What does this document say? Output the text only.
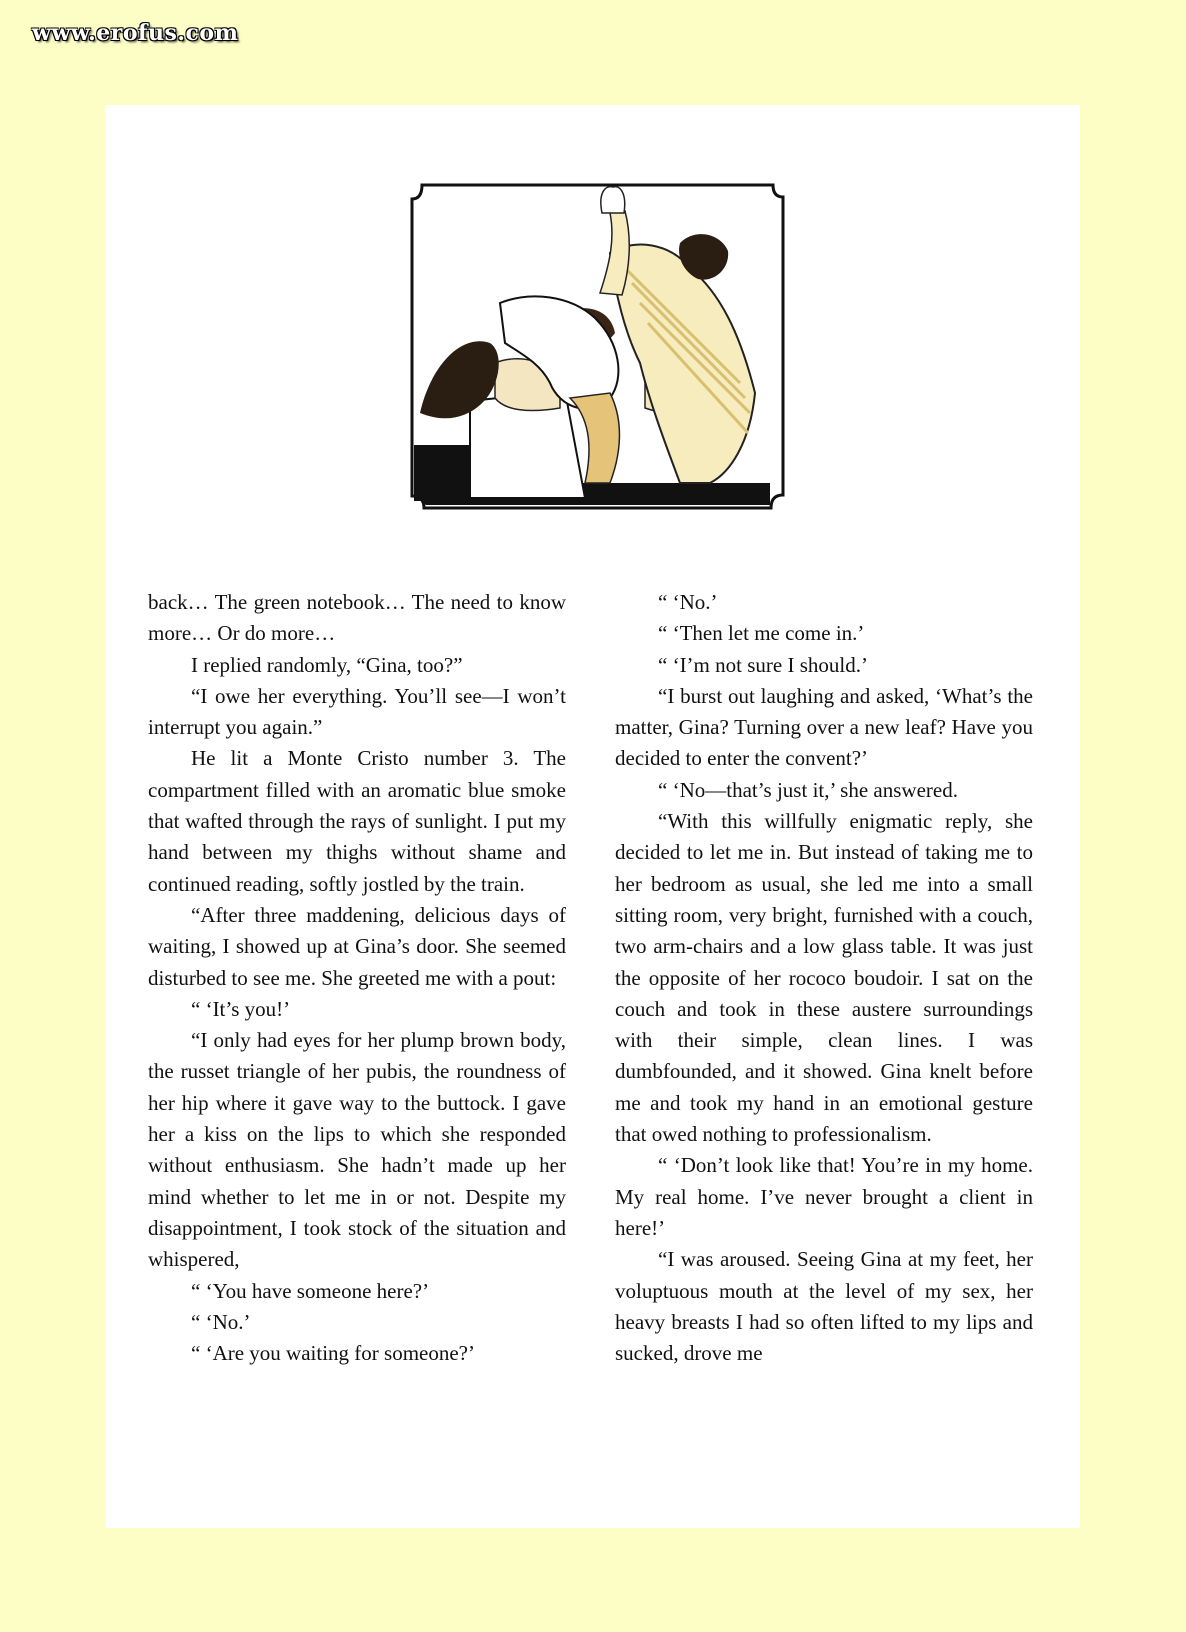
www.erofus.com

back… The green notebook… The need to know more… Or do more…

I replied randomly, “Gina, too?”

“I owe her everything. You’ll see—I won’t interrupt you again.”

He lit a Monte Cristo number 3. The compartment filled with an aromatic blue smoke that wafted through the rays of sunlight. I put my hand between my thighs without shame and continued reading, softly jostled by the train.

“After three maddening, delicious days of waiting, I showed up at Gina’s door. She seemed disturbed to see me. She greeted me with a pout:

“ ‘It’s you!’

“I only had eyes for her plump brown body, the russet triangle of her pubis, the roundness of her hip where it gave way to the buttock. I gave her a kiss on the lips to which she responded without enthusiasm. She hadn’t made up her mind whether to let me in or not. Despite my disappointment, I took stock of the situation and whispered,

“ ‘You have someone here?’

“ ‘No.’

“ ‘Are you waiting for someone?’

“ ‘No.’

“ ‘Then let me come in.’

“ ‘I’m not sure I should.’

“I burst out laughing and asked, ‘What’s the matter, Gina? Turning over a new leaf? Have you decided to enter the convent?’

“ ‘No—that’s just it,’ she answered.

“With this willfully enigmatic reply, she decided to let me in. But instead of taking me to her bedroom as usual, she led me into a small sitting room, very bright, furnished with a couch, two arm-chairs and a low glass table. It was just the opposite of her rococo boudoir. I sat on the couch and took in these austere surroundings with their simple, clean lines. I was dumbfounded, and it showed. Gina knelt before me and took my hand in an emotional gesture that owed nothing to professionalism.

“ ‘Don’t look like that! You’re in my home. My real home. I’ve never brought a client in here!’

“I was aroused. Seeing Gina at my feet, her voluptuous mouth at the level of my sex, her heavy breasts I had so often lifted to my lips and sucked, drove me
